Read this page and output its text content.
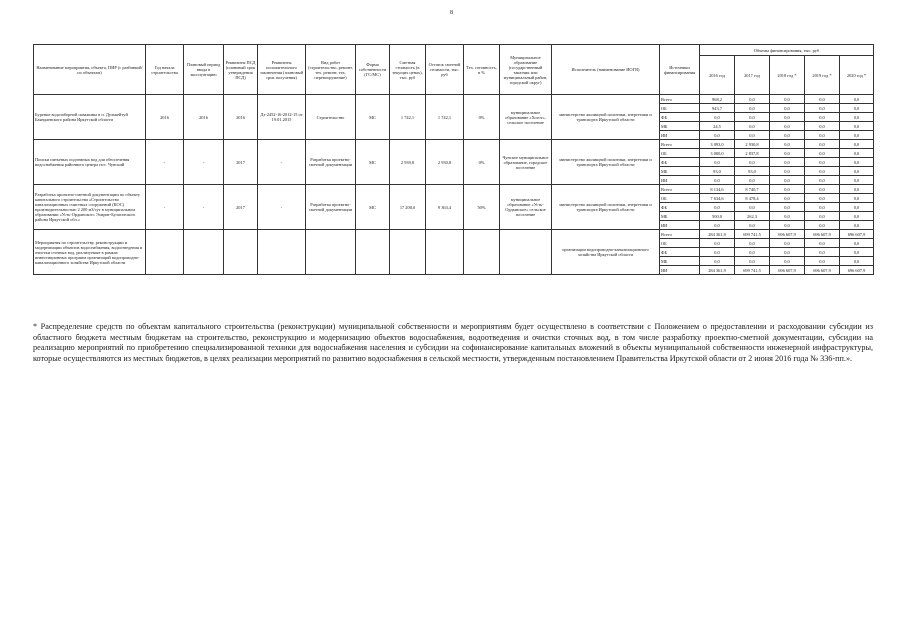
8
Наименование мероприятия, объекта, ПИР (с разбивкой/по объектам)	Год начала строительства	Плановый период ввода в эксплуатацию	Реквизиты ПСД (плановый срок утверждения ПСД)	Реквизиты положительного заключения (плановый срок получения)	Вид работ (строительство, ремонт, тех. ремонт, тех. перевооружение)	Форма собственности (ГС/МС)	Сметная стоимость (в текущих ценах), тыс. руб	Остаток сметной стоимости, тыс. руб	Тех. готовность, в %	Муниципальное образование (государственный заказчик или муниципальный район, городской округ)	Исполнитель (наименование ИОГВ)	Источники финансирования	Объемы финансирования, тыс. руб				
													2016 год	2017 год	2018 год *	2019 год *	2020 год *
Бурение водозаборной скважины в п. Дулькейтуй Баяндаевского района Иркутской области	2016	2016	2016	Дз-2452-16-2012-15 от 19.01.2015	Строительство	МС	1 742,1	1 742,1	0%	муниципальное образование «Хогот», сельское поселение	министерство жилищной политики, энергетики и транспорта Иркутской области	Всего	968,2	0,0	0,0	0,0	0,0
												ОБ	943,7	0,0	0,0	0,0	0,0
												ФБ	0,0	0,0	0,0	0,0	0,0
												МБ	24,5	0,0	0,0	0,0	0,0
												ИИ	0,0	0,0	0,0	0,0	0,0
Поиски питьевых подземных вод для обеспечения водоснабжения районного центра пос. Чунский	-	-	2017	-	Разработка проектно-сметной документации	МС	2 939,8	2 930,8	0%	Чунское муниципальное образование, городское поселение	министерство жилищной политики, энергетики и транспорта Иркутской области	Всего	3 093,0	2 930,8	0,0	0,0	0,0
												ОБ	3 000,0	2 837,8	0,0	0,0	0,0
												ФБ	0,0	0,0	0,0	0,0	0,0
												МБ	93,0	93,0	0,0	0,0	0,0
												ИИ	0,0	0,0	0,0	0,0	0,0
Разработка проектно-сметной документации по объекту капитального строительства «Строительство канализационных очистных сооружений (КОС) производительностью 2 200 м3/сут в муниципальном образовании «Усть-Ордынское» Эхирит-Булагатского района Иркутской обл.»	-	-	2017	-	Разработка проектно-сметной документации	МС	17 200,0	9 363,4	50%	муниципальное образование «Усть-Ордынское» сельское поселение	министерство жилищной политики, энергетики и транспорта Иркутской области	Всего	8 134,6	8 740,7	0,0	0,0	0,0
												ОБ	7 634,6	8 478,4	0,0	0,0	0,0
												ФБ	0,0	0,0	0,0	0,0	0,0
												МБ	500,0	262,3	0,0	0,0	0,0
												ИИ	0,0	0,0	0,0	0,0	0,0
Мероприятия по строительству, реконструкции и модернизации объектов водоснабжения, водоотведения и очистки сточных вод, реализуемые в рамках инвестиционных программ организаций водопроводно-канализационного хозяйства Иркутской области											организации водопроводно-канализационного хозяйства Иркутской области	Всего	284 361,9	699 741,5	696 607,9	696 607,9	696 607,9
												ОБ	0,0	0,0	0,0	0,0	0,0
												ФБ	0,0	0,0	0,0	0,0	0,0
												МБ	0,0	0,0	0,0	0,0	0,0
												ИИ	284 361,9	699 741,5	696 607,9	696 607,9	696 607,9
* Распределение средств по объектам капитального строительства (реконструкции) муниципальной собственности и мероприятиям будет осуществлено в соответствии с Положением о предоставлении и расходовании субсидии из областного бюджета местным бюджетам на строительство, реконструкцию и модернизацию объектов водоснабжения, водоотведения и очистки сточных вод, в том числе разработку проектно-сметной документации, субсидии на реализацию мероприятий по приобретению специализированной техники для водоснабжения населения и субсидии на софинансирование капитальных вложений в объекты муниципальной собственности инженерной инфраструктуры, которые осуществляются из местных бюджетов, в целях реализации мероприятий по развитию водоснабжения в сельской местности, утвержденным постановлением Правительства Иркутской области от 2 июня 2016 года № 336-пп.».
